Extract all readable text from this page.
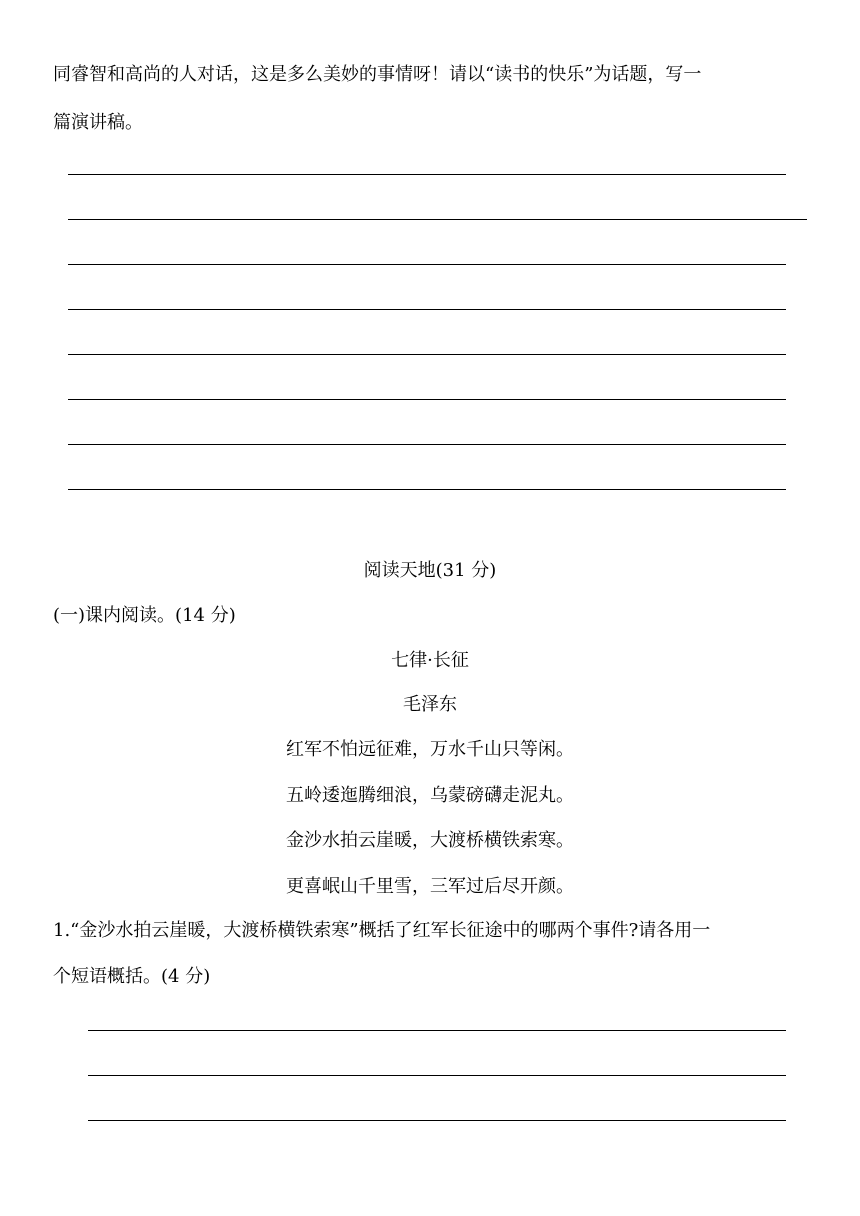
同睿智和高尚的人对话，这是多么美妙的事情呀！请以“读书的快乐”为话题，写一
篇演讲稿。
阅读天地(31 分)
(一)课内阅读。(14 分)
七律·长征
毛泽东
红军不怕远征难，万水千山只等闲。
五岭逶迤腾细浪，乌蒙磅礴走泥丸。
金沙水拍云崖暖，大渡桥横铁索寒。
更喜岷山千里雪，三军过后尽开颜。
1.“金沙水拍云崖暖，大渡桥横铁索寒”概括了红军长征途中的哪两个事件?请各用一
个短语概括。(4 分)
